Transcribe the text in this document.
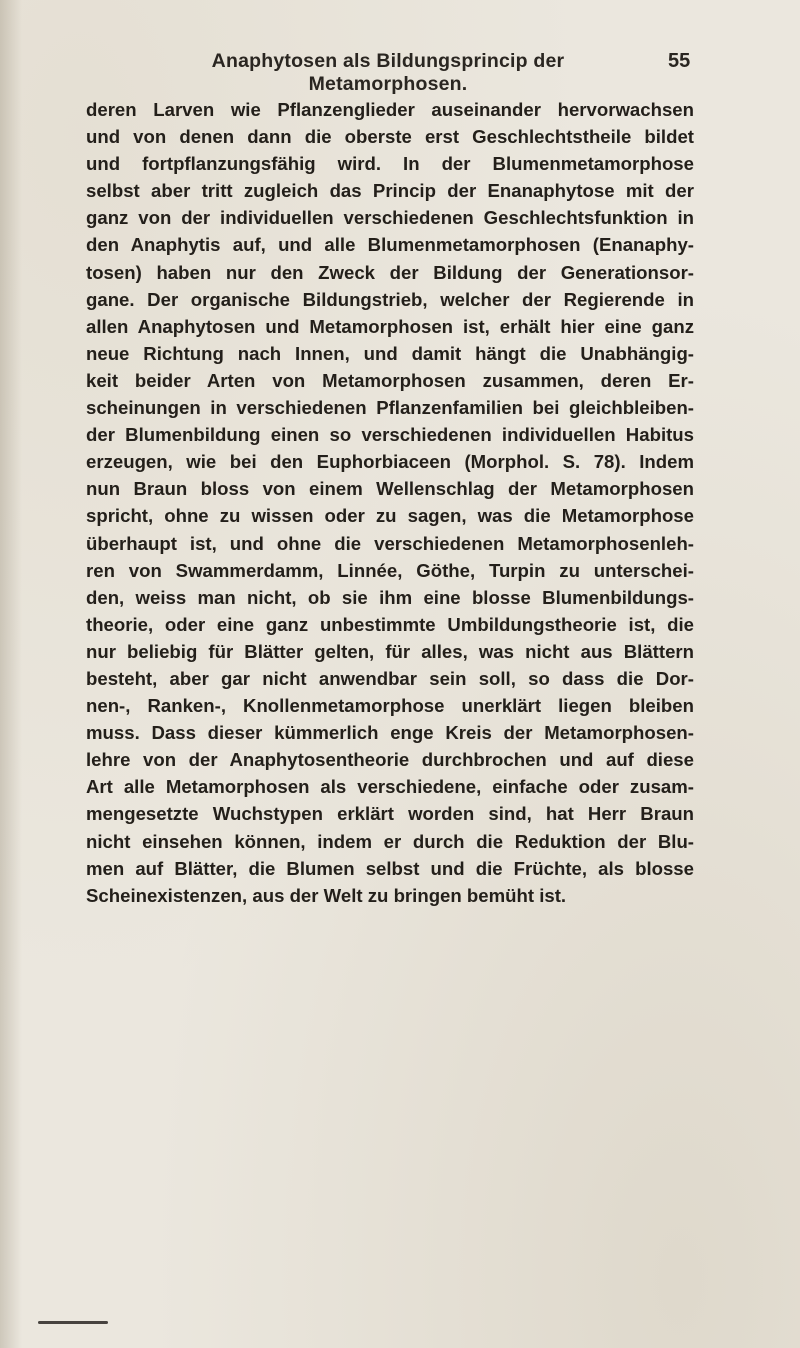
Anaphytosen als Bildungsprincip der Metamorphosen.
55
deren Larven wie Pflanzenglieder auseinander hervorwachsen
und von denen dann die oberste erst Geschlechtstheile bildet
und fortpflanzungsfähig wird. In der Blumenmetamorphose
selbst aber tritt zugleich das Princip der Enanaphytose mit der
ganz von der individuellen verschiedenen Geschlechtsfunktion in
den Anaphytis auf, und alle Blumenmetamorphosen (Enanaphy-
tosen) haben nur den Zweck der Bildung der Generationsor-
gane. Der organische Bildungstrieb, welcher der Regierende in
allen Anaphytosen und Metamorphosen ist, erhält hier eine ganz
neue Richtung nach Innen, und damit hängt die Unabhängig-
keit beider Arten von Metamorphosen zusammen, deren Er-
scheinungen in verschiedenen Pflanzenfamilien bei gleichbleiben-
der Blumenbildung einen so verschiedenen individuellen Habitus
erzeugen, wie bei den Euphorbiaceen (Morphol. S. 78). Indem
nun Braun bloss von einem Wellenschlag der Metamorphosen
spricht, ohne zu wissen oder zu sagen, was die Metamorphose
überhaupt ist, und ohne die verschiedenen Metamorphosenleh-
ren von Swammerdamm, Linnée, Göthe, Turpin zu unterschei-
den, weiss man nicht, ob sie ihm eine blosse Blumenbildungs-
theorie, oder eine ganz unbestimmte Umbildungstheorie ist, die
nur beliebig für Blätter gelten, für alles, was nicht aus Blättern
besteht, aber gar nicht anwendbar sein soll, so dass die Dor-
nen-, Ranken-, Knollenmetamorphose unerklärt liegen bleiben
muss. Dass dieser kümmerlich enge Kreis der Metamorphosen-
lehre von der Anaphytosentheorie durchbrochen und auf diese
Art alle Metamorphosen als verschiedene, einfache oder zusam-
mengesetzte Wuchstypen erklärt worden sind, hat Herr Braun
nicht einsehen können, indem er durch die Reduktion der Blu-
men auf Blätter, die Blumen selbst und die Früchte, als blosse
Scheinexistenzen, aus der Welt zu bringen bemüht ist.
